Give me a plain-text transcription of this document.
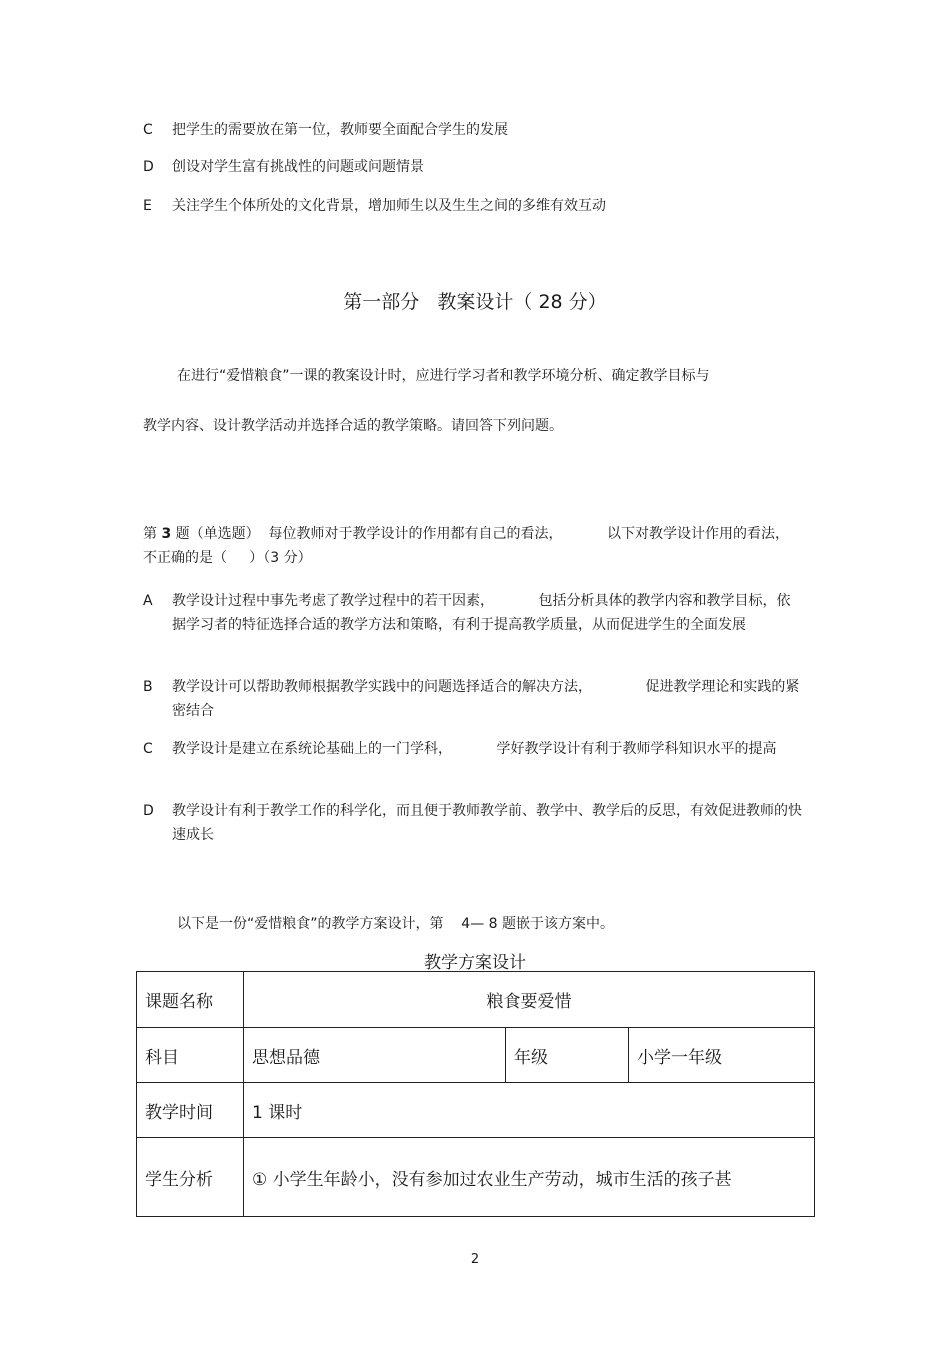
C	把学生的需要放在第一位，教师要全面配合学生的发展
D	创设对学生富有挑战性的问题或问题情景
E	关注学生个体所处的文化背景，增加师生以及生生之间的多维有效互动
第一部分   教案设计（ 28 分）
在进行“爱惜粮食”一课的教案设计时，应进行学习者和教学环境分析、确定教学目标与
教学内容、设计教学活动并选择合适的教学策略。请回答下列问题。
第 3 题（单选题）  每位教师对于教学设计的作用都有自己的看法，          以下对教学设计作用的看法，不正确的是（     ）（3 分）
A	教学设计过程中事先考虑了教学过程中的若干因素，          包括分析具体的教学内容和教学目标，依据学习者的特征选择合适的教学方法和策略，有利于提高教学质量，从而促进学生的全面发展
B	教学设计可以帮助教师根据教学实践中的问题选择适合的解决方法，            促进教学理论和实践的紧密结合
C	教学设计是建立在系统论基础上的一门学科，          学好教学设计有利于教师学科知识水平的提高
D	教学设计有利于教学工作的科学化，而且便于教师教学前、教学中、教学后的反思，有效促进教师的快速成长
以下是一份“爱惜粮食”的教学方案设计，第    4— 8 题嵌于该方案中。
教学方案设计
课题名称	粮食要爱惜		
科目	思想品德	年级	小学一年级
教学时间	1 课时		
学生分析	① 小学生年龄小，没有参加过农业生产劳动，城市生活的孩子甚		
2
